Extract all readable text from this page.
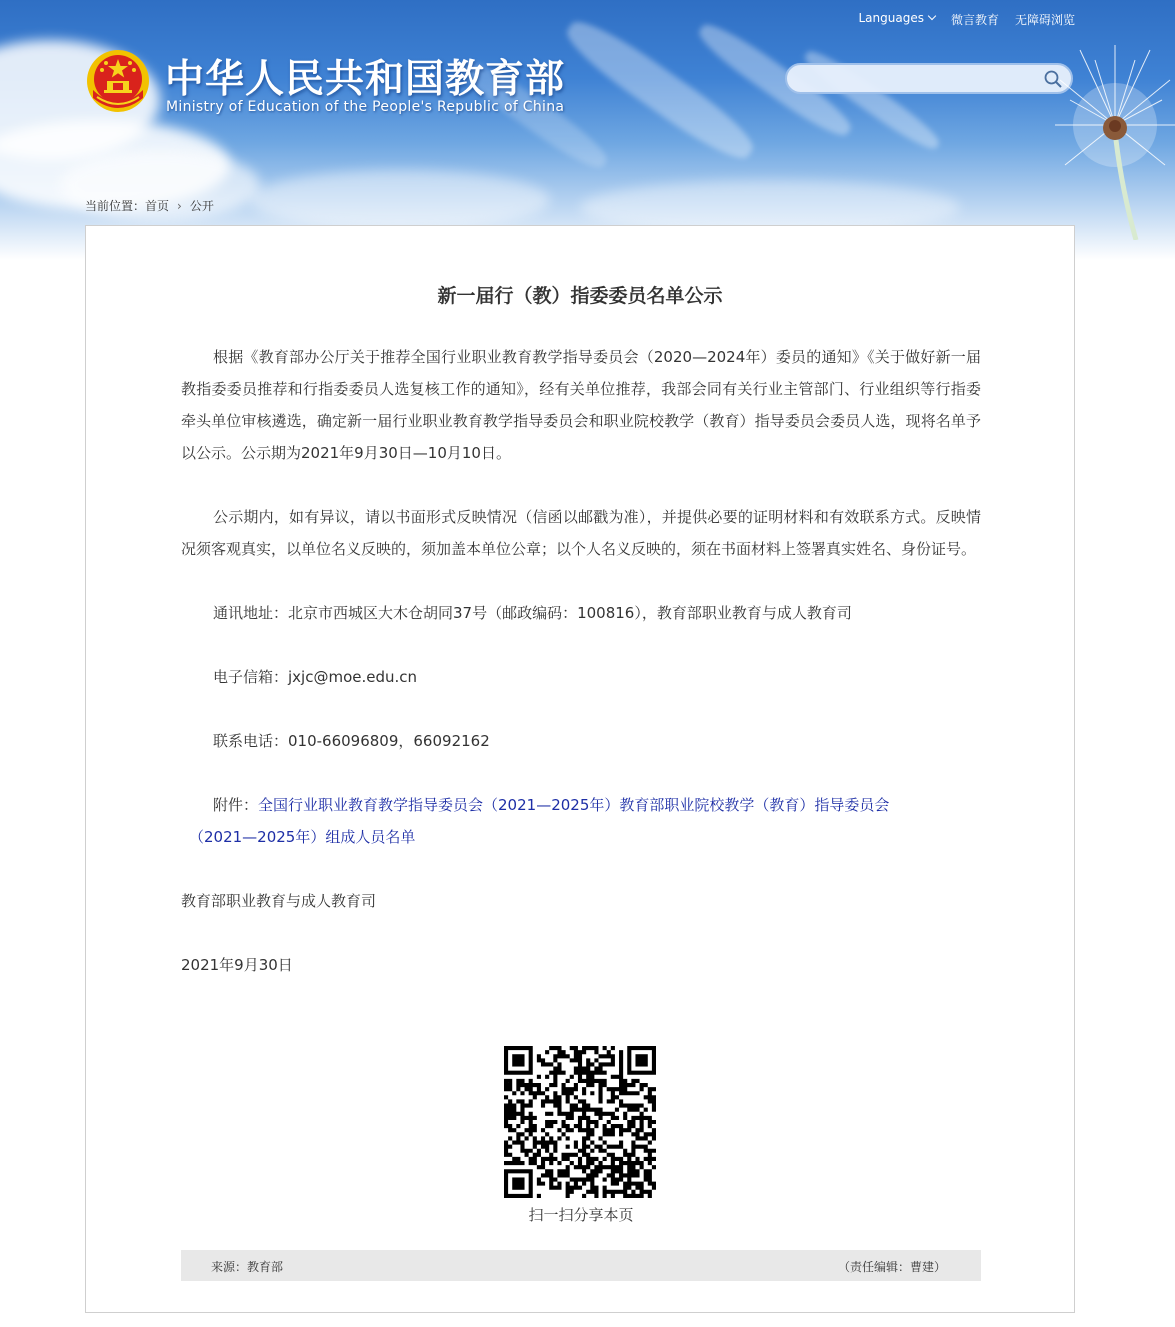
Languages	微言教育 无障碍浏览
中华人民共和国教育部
Ministry of Education of the People's Republic of China
当前位置：首页 › 公开
新一届行（教）指委委员名单公示

根据《教育部办公厅关于推荐全国行业职业教育教学指导委员会（2020—2024年）委员的通知》《关于做好新一届教指委委员推荐和行指委委员人选复核工作的通知》，经有关单位推荐，我部会同有关行业主管部门、行业组织等行指委牵头单位审核遴选，确定新一届行业职业教育教学指导委员会和职业院校教学（教育）指导委员会委员人选，现将名单予以公示。公示期为2021年9月30日—10月10日。

公示期内，如有异议，请以书面形式反映情况（信函以邮戳为准），并提供必要的证明材料和有效联系方式。反映情况须客观真实，以单位名义反映的，须加盖本单位公章；以个人名义反映的，须在书面材料上签署真实姓名、身份证号。

通讯地址：北京市西城区大木仓胡同37号（邮政编码：100816），教育部职业教育与成人教育司

电子信箱：jxjc@moe.edu.cn

联系电话：010-66096809，66092162

附件：全国行业职业教育教学指导委员会（2021—2025年）教育部职业院校教学（教育）指导委员会
（2021—2025年）组成人员名单

教育部职业教育与成人教育司

2021年9月30日

扫一扫分享本页
来源：教育部	（责任编辑：曹建）
